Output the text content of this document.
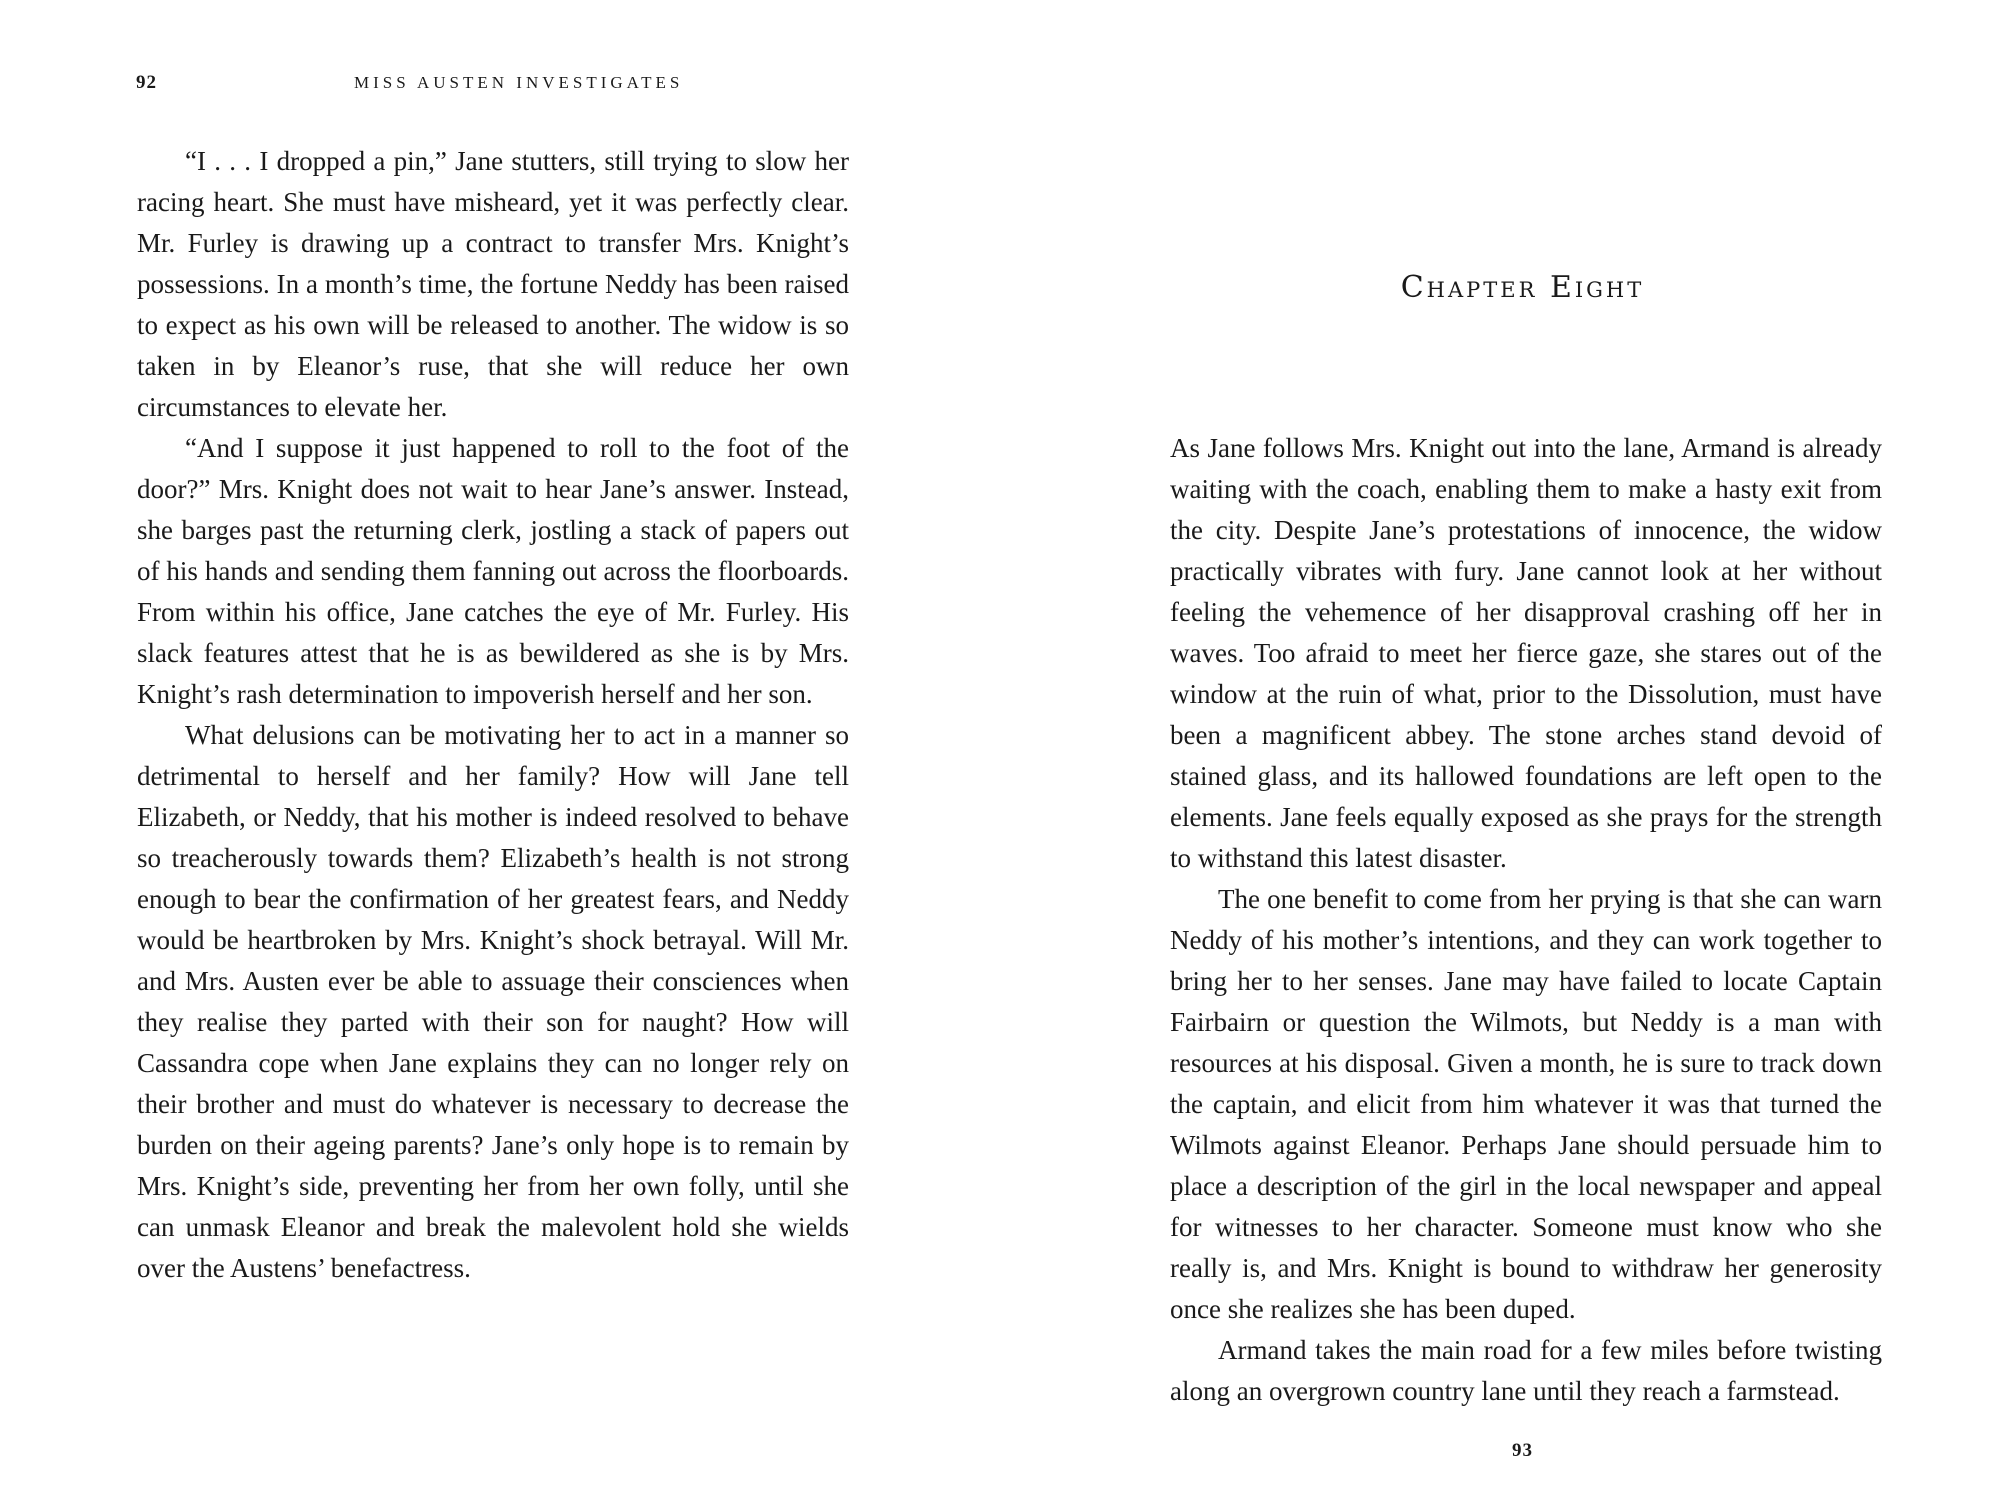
92	MISS AUSTEN INVESTIGATES

“I . . . I dropped a pin,” Jane stutters, still trying to slow her racing heart. She must have misheard, yet it was perfectly clear. Mr. Furley is drawing up a contract to transfer Mrs. Knight’s possessions. In a month’s time, the fortune Neddy has been raised to expect as his own will be released to another. The widow is so taken in by Eleanor’s ruse, that she will reduce her own circumstances to elevate her.

“And I suppose it just happened to roll to the foot of the door?” Mrs. Knight does not wait to hear Jane’s answer. Instead, she barges past the returning clerk, jostling a stack of papers out of his hands and sending them fanning out across the floorboards. From within his office, Jane catches the eye of Mr. Furley. His slack features attest that he is as bewildered as she is by Mrs. Knight’s rash determination to impoverish herself and her son.

What delusions can be motivating her to act in a manner so detrimental to herself and her family? How will Jane tell Elizabeth, or Neddy, that his mother is indeed resolved to behave so treacherously towards them? Elizabeth’s health is not strong enough to bear the confirmation of her greatest fears, and Neddy would be heartbroken by Mrs. Knight’s shock betrayal. Will Mr. and Mrs. Austen ever be able to assuage their consciences when they realise they parted with their son for naught? How will Cassandra cope when Jane explains they can no longer rely on their brother and must do whatever is necessary to decrease the burden on their ageing parents? Jane’s only hope is to remain by Mrs. Knight’s side, preventing her from her own folly, until she can unmask Eleanor and break the malevolent hold she wields over the Austens’ benefactress.

Chapter Eight

As Jane follows Mrs. Knight out into the lane, Armand is already waiting with the coach, enabling them to make a hasty exit from the city. Despite Jane’s protestations of innocence, the widow practically vibrates with fury. Jane cannot look at her without feeling the vehemence of her disapproval crashing off her in waves. Too afraid to meet her fierce gaze, she stares out of the window at the ruin of what, prior to the Dissolution, must have been a magnificent abbey. The stone arches stand devoid of stained glass, and its hallowed foundations are left open to the elements. Jane feels equally exposed as she prays for the strength to withstand this latest disaster.

The one benefit to come from her prying is that she can warn Neddy of his mother’s intentions, and they can work together to bring her to her senses. Jane may have failed to locate Captain Fairbairn or question the Wilmots, but Neddy is a man with resources at his disposal. Given a month, he is sure to track down the captain, and elicit from him whatever it was that turned the Wilmots against Eleanor. Perhaps Jane should persuade him to place a description of the girl in the local newspaper and appeal for witnesses to her character. Someone must know who she really is, and Mrs. Knight is bound to withdraw her generosity once she realizes she has been duped.

Armand takes the main road for a few miles before twisting along an overgrown country lane until they reach a farmstead.

93
